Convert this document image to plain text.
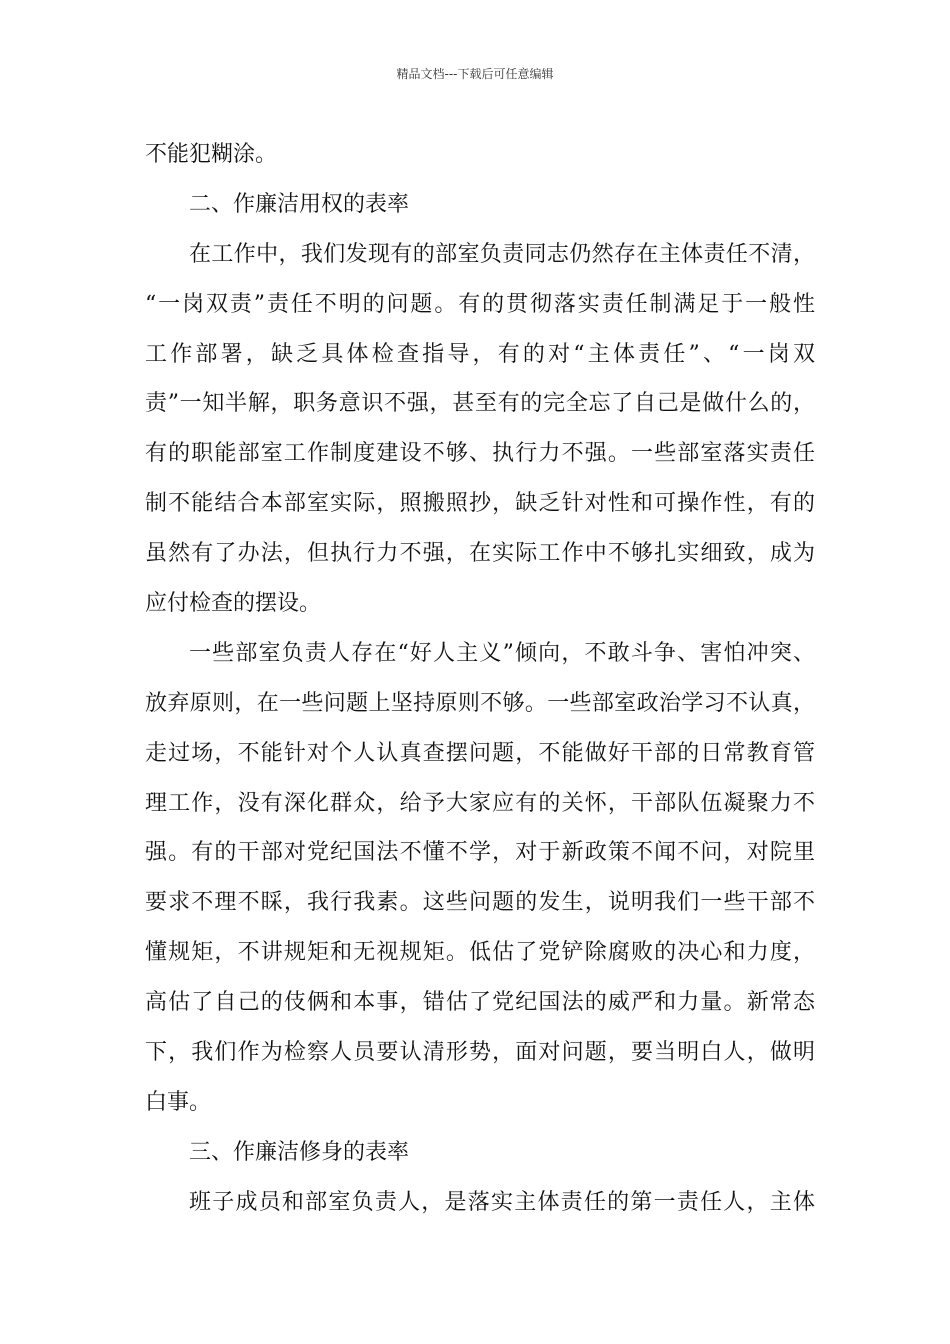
精品文档---下载后可任意编辑
不能犯糊涂。
二、作廉洁用权的表率
在工作中，我们发现有的部室负责同志仍然存在主体责任不清，
“一岗双责”责任不明的问题。有的贯彻落实责任制满足于一般性
工作部署，缺乏具体检查指导，有的对“主体责任”、“一岗双
责”一知半解，职务意识不强，甚至有的完全忘了自己是做什么的，
有的职能部室工作制度建设不够、执行力不强。一些部室落实责任
制不能结合本部室实际，照搬照抄，缺乏针对性和可操作性，有的
虽然有了办法，但执行力不强，在实际工作中不够扎实细致，成为
应付检查的摆设。
一些部室负责人存在“好人主义”倾向，不敢斗争、害怕冲突、
放弃原则，在一些问题上坚持原则不够。一些部室政治学习不认真，
走过场，不能针对个人认真查摆问题，不能做好干部的日常教育管
理工作，没有深化群众，给予大家应有的关怀，干部队伍凝聚力不
强。有的干部对党纪国法不懂不学，对于新政策不闻不问，对院里
要求不理不睬，我行我素。这些问题的发生，说明我们一些干部不
懂规矩，不讲规矩和无视规矩。低估了党铲除腐败的决心和力度，
高估了自己的伎俩和本事，错估了党纪国法的威严和力量。新常态
下，我们作为检察人员要认清形势，面对问题，要当明白人，做明
白事。
三、作廉洁修身的表率
班子成员和部室负责人，是落实主体责任的第一责任人，主体
